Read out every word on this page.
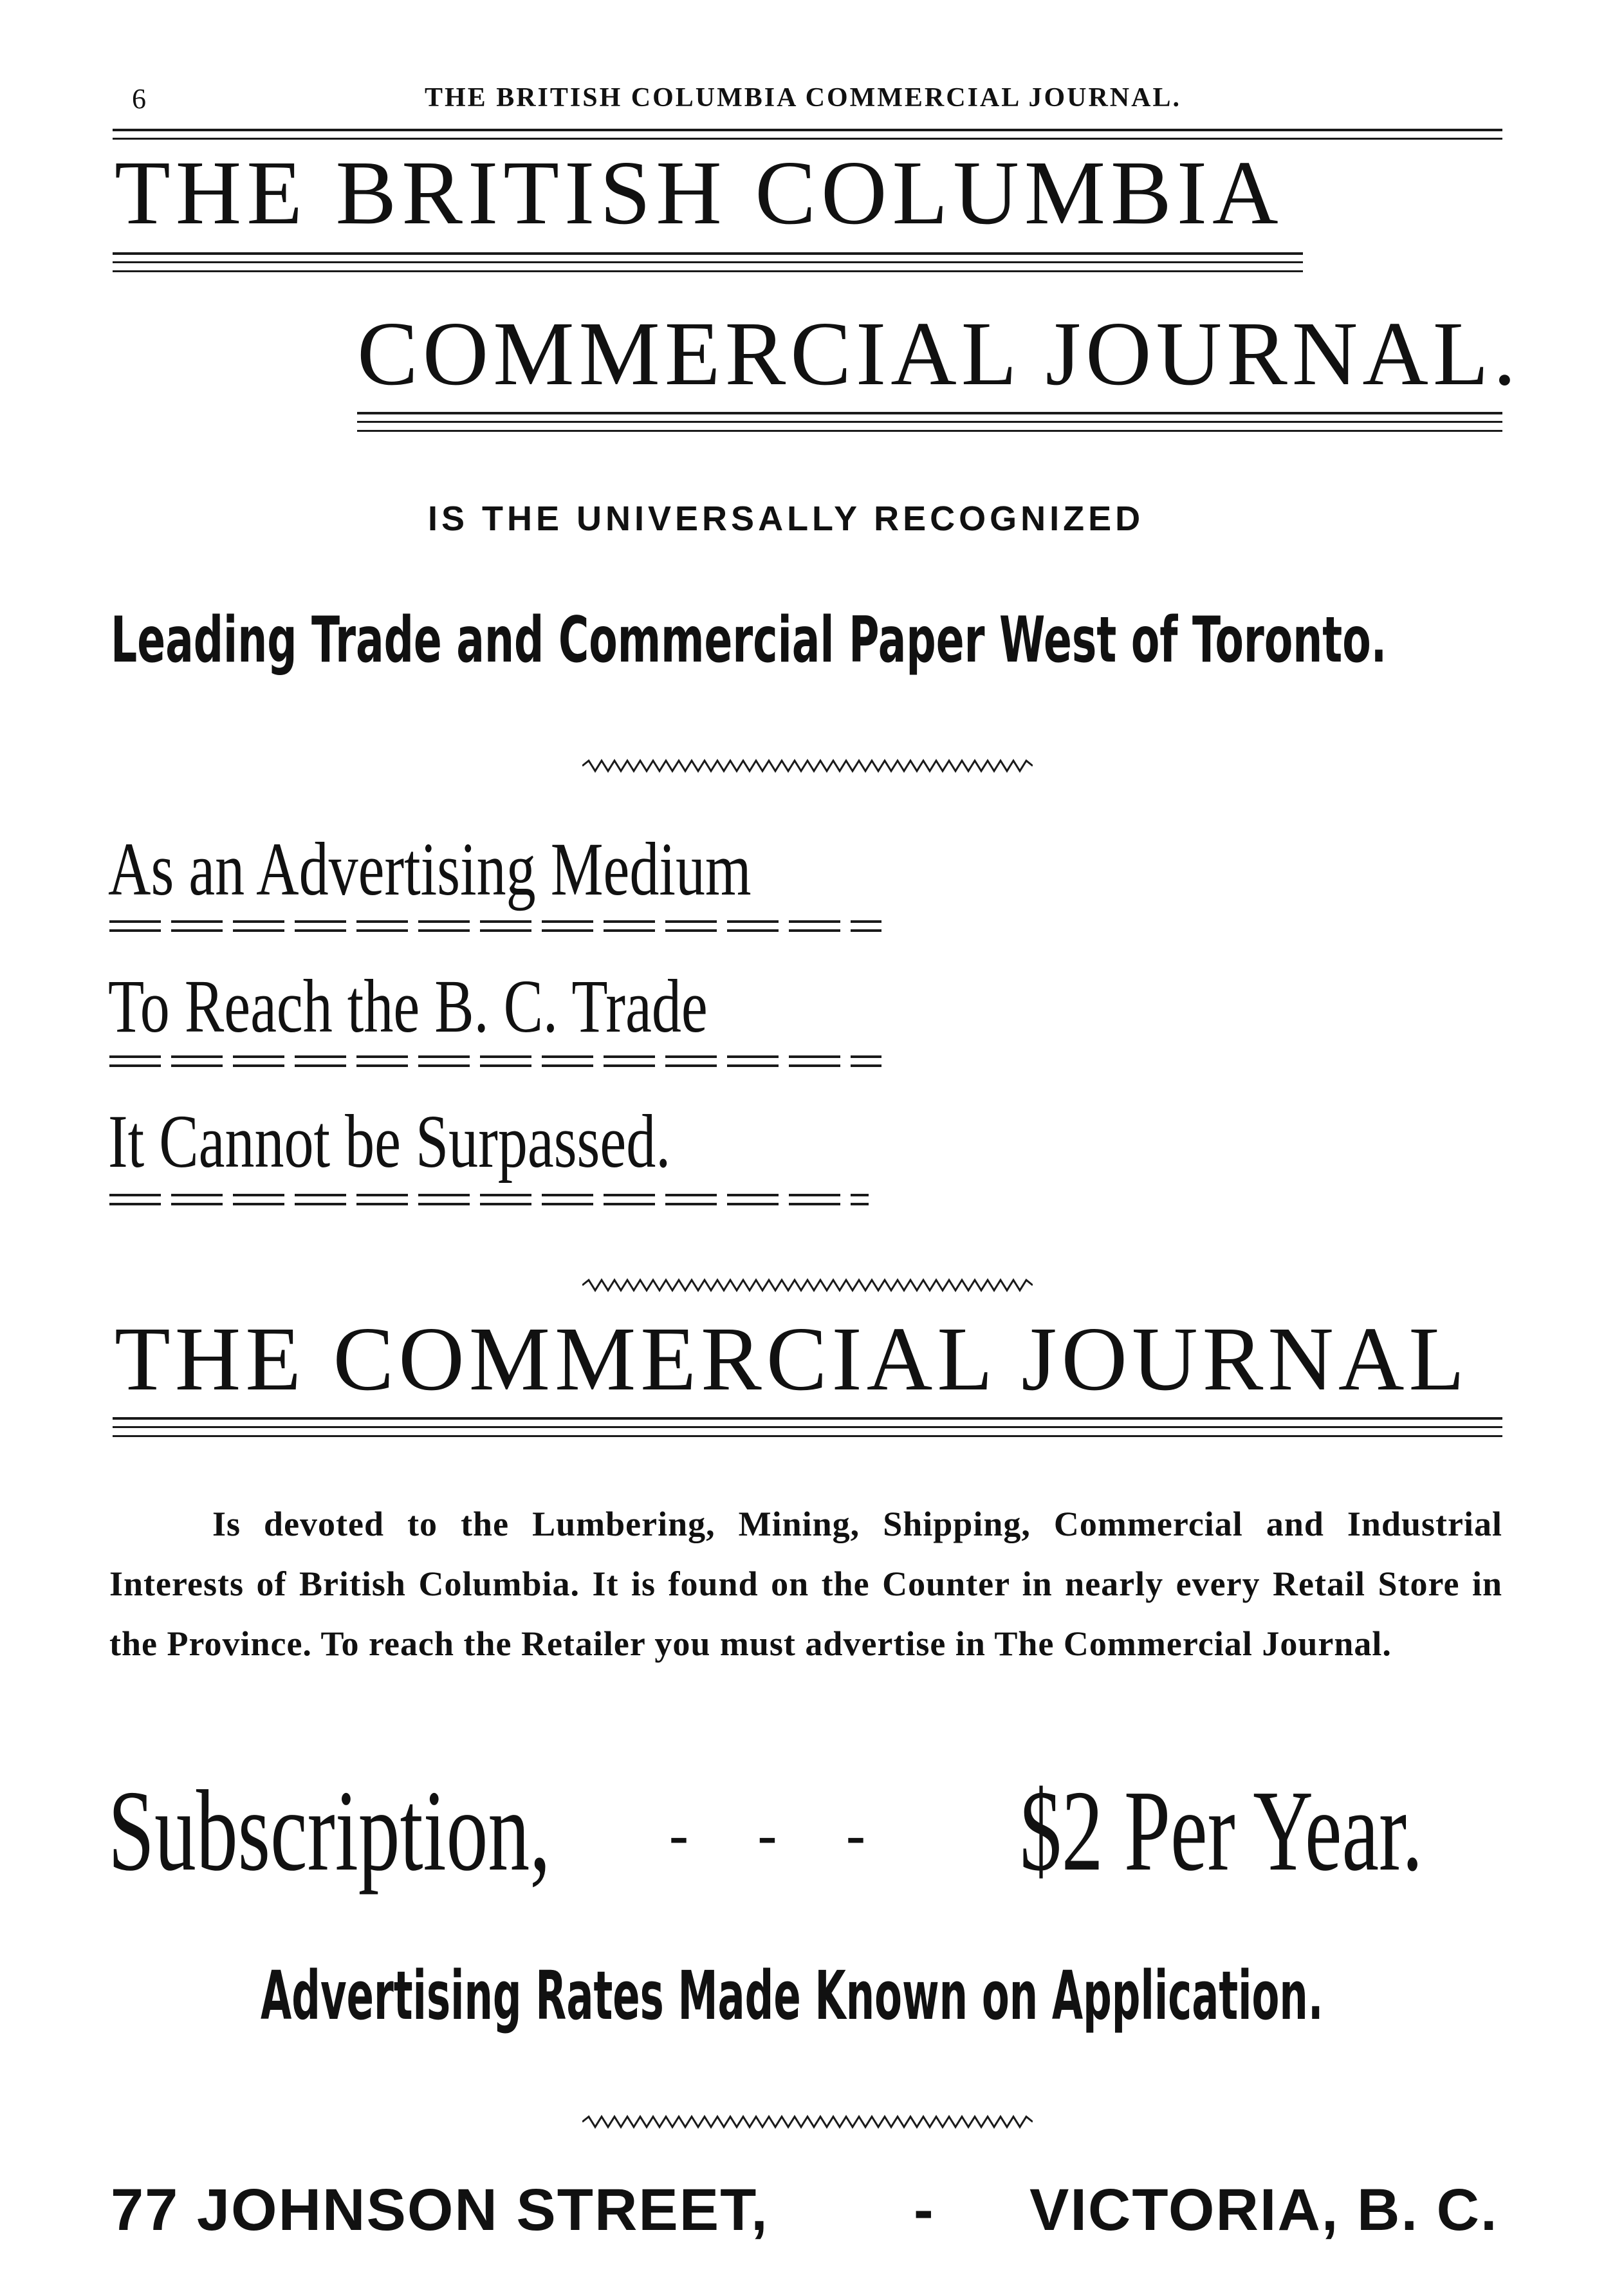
6	THE BRITISH COLUMBIA COMMERCIAL JOURNAL.
THE BRITISH COLUMBIA
COMMERCIAL JOURNAL.
IS THE UNIVERSALLY RECOGNIZED
Leading Trade and Commercial Paper West of Toronto.
As an Advertising Medium
To Reach the B. C. Trade
It Cannot be Surpassed.
THE COMMERCIAL JOURNAL
Is devoted to the Lumbering, Mining, Shipping, Commercial and Industrial Interests of British Columbia. It is found on the Counter in nearly every Retail Store in the Province. To reach the Retailer you must advertise in The Commercial Journal.
Subscription, -   -   - $2 Per Year.
Advertising Rates Made Known on Application.
77 JOHNSON STREET, - VICTORIA, B. C.
